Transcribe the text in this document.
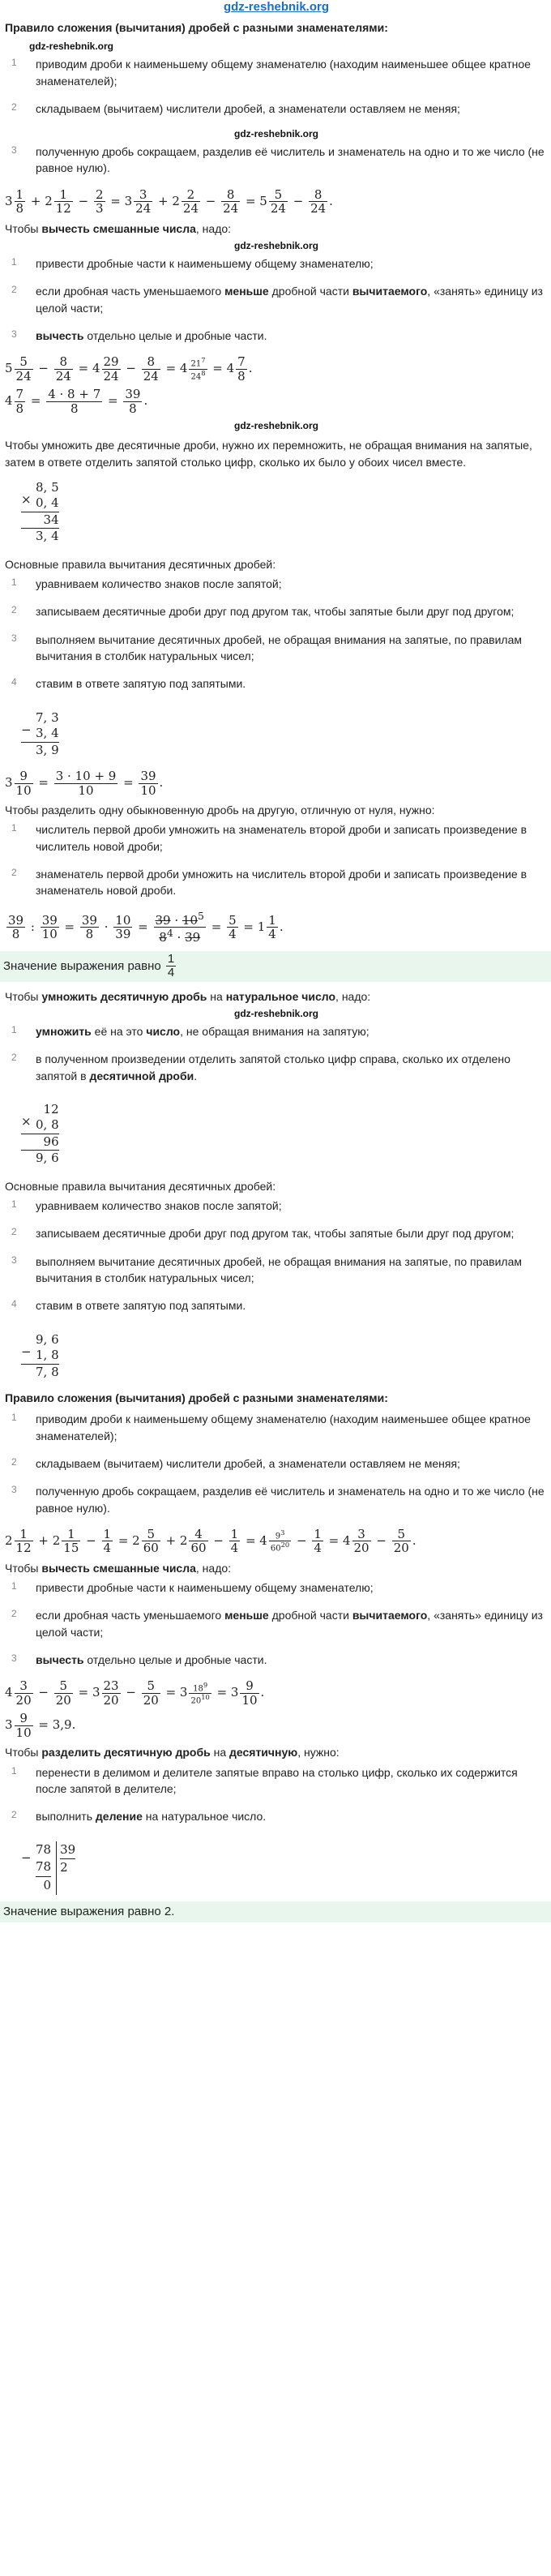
gdz-reshebnik.org
Правило сложения (вычитания) дробей с разными знаменателями:
gdz-reshebnik.org
1 приводим дроби к наименьшему общему знаменателю (находим наименьшее общее кратное знаменателей);
2 складываем (вычитаем) числители дробей, а знаменатели оставляем не меняя;
gdz-reshebnik.org
3 полученную дробь сокращаем, разделив её числитель и знаменатель на одно и то же число (не равное нулю).
$3 \frac{1}{8} + 2 \frac{1}{12} - \frac{2}{3} = 3 \frac{3}{24} + 2 \frac{2}{24} - \frac{8}{24} = 5 \frac{5}{24} - \frac{8}{24}$ .
Чтобы вычесть смешанные числа, надо:
gdz-reshebnik.org
1 привести дробные части к наименьшему общему знаменателю;
2 если дробная часть уменьшаемого меньше дробной части вычитаемого, «занять» единицу из целой части;
3 вычесть отдельно целые и дробные части.
$5 \frac{5}{24} - \frac{8}{24} = 4 \frac{29}{24} - \frac{8}{24} = 4 \frac{21^7}{24^8} = 4 \frac{7}{8}$ .
$4 \frac{7}{8} = \frac{4 \cdot 8 + 7}{8} = \frac{39}{8}$ .
gdz-reshebnik.org
Чтобы умножить две десятичные дроби, нужно их перемножить, не обращая внимания на запятые, затем в ответе отделить запятой столько цифр, сколько их было у обоих чисел вместе.
×
8, 5
0, 4
34
3, 4
Основные правила вычитания десятичных дробей:
1 уравниваем количество знаков после запятой;
2 записываем десятичные дроби друг под другом так, чтобы запятые были друг под другом;
3 выполняем вычитание десятичных дробей, не обращая внимания на запятые, по правилам вычитания в столбик натуральных чисел;
4 ставим в ответе запятую под запятыми.
−
7, 3
3, 4
3, 9
$3 \frac{9}{10} = \frac{3 \cdot 10 + 9}{10} = \frac{39}{10}$ .
Чтобы разделить одну обыкновенную дробь на другую, отличную от нуля, нужно:
1 числитель первой дроби умножить на знаменатель второй дроби и записать произведение в числитель новой дроби;
2 знаменатель первой дроби умножить на числитель второй дроби и записать произведение в знаменатель новой дроби.
$\frac{39}{8}$ : $\frac{39}{10} = \frac{39}{8} \cdot \frac{10}{39} = \frac{39 \cdot 10^5}{8^4 \cdot 39} = \frac{5}{4} = 1 \frac{1}{4}$ .
Значение выражения равно $\frac{1}{4}$
Чтобы умножить десятичную дробь на натуральное число, надо:
gdz-reshebnik.org
1 умножить её на это число, не обращая внимания на запятую;
2 в полученном произведении отделить запятой столько цифр справа, сколько их отделено запятой в десятичной дроби.
×
12
0, 8
96
9, 6
Основные правила вычитания десятичных дробей:
1 уравниваем количество знаков после запятой;
2 записываем десятичные дроби друг под другом так, чтобы запятые были друг под другом;
3 выполняем вычитание десятичных дробей, не обращая внимания на запятые, по правилам вычитания в столбик натуральных чисел;
4 ставим в ответе запятую под запятыми.
−
9, 6
1, 8
7, 8
Правило сложения (вычитания) дробей с разными знаменателями:
1 приводим дроби к наименьшему общему знаменателю (находим наименьшее общее кратное знаменателей);
2 складываем (вычитаем) числители дробей, а знаменатели оставляем не меняя;
3 полученную дробь сокращаем, разделив её числитель и знаменатель на одно и то же число (не равное нулю).
$2 \frac{1}{12} + 2 \frac{1}{15} - \frac{1}{4} = 2 \frac{5}{60} + 2 \frac{4}{60} - \frac{1}{4} = 4 \frac{9^3}{60^{20}} - \frac{1}{4} = 4 \frac{3}{20} - \frac{5}{20}$ .
Чтобы вычесть смешанные числа, надо:
1 привести дробные части к наименьшему общему знаменателю;
2 если дробная часть уменьшаемого меньше дробной части вычитаемого, «занять» единицу из целой части;
3 вычесть отдельно целые и дробные части.
$4 \frac{3}{20} - \frac{5}{20} = 3 \frac{23}{20} - \frac{5}{20} = 3 \frac{18^9}{20^{10}} = 3 \frac{9}{10}$ .
$3 \frac{9}{10} = 3,9$.
Чтобы разделить десятичную дробь на десятичную, нужно:
1 перенести в делимом и делителе запятые вправо на столько цифр, сколько их содержится после запятой в делителе;
2 выполнить деление на натуральное число.
−
78
78
0
39
2
Значение выражения равно 2.
